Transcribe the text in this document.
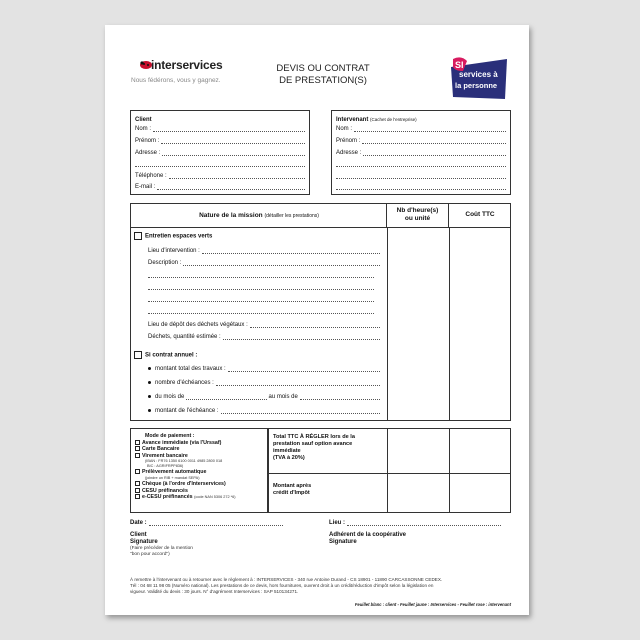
interservices
Nous fédérons, vous y gagnez.
DEVIS OU CONTRAT
DE PRESTATION(S)
SI
services à
la personne
Client
Nom :
Prénom :
Adresse :
Téléphone :
E-mail :
Intervenant (Cachet de l'entreprise)
Nom :
Prénom :
Adresse :
Nature de la mission (détailler les prestations)
Nb d'heure(s)
ou unité
Coût TTC
Entretien espaces verts
Lieu d'intervention :
Description :
Lieu de dépôt des déchets végétaux :
Déchets, quantité estimée :
Si contrat annuel :
montant total des travaux :
nombre d'échéances :
du mois de	au mois de
montant de l'échéance :
Mode de paiement :
Avance immédiate (via l'Urssaf)
Carte Bancaire
Virement bancaire
(IBAN : FR76 1350 6100 0011 4985 2800 018
BIC : AGRIFRPP836)
Prélèvement automatique
(joindre un RIB + mandat SEPA)
Chèque (à l'ordre d'Interservices)
CESU préfinancés
e-CESU préfinancés (code NAN 5306 272 *6)
Total TTC À RÉGLER lors de la
prestation sauf option avance
immédiate
(TVA à 20%)
Montant après
crédit d'Impôt
Date :	Lieu :
Client
Signature
(Faire précéder de la mention
"bon pour accord")
Adhérent de la coopérative
Signature
À remettre à l'intervenant ou à retourner avec le règlement à : INTERSERVICES - 340 rue Antoine Durand - CS 18901 - 11890 CARCASSONNE CEDEX.
Tél : 04 68 11 98 05 (Numéro national). Les prestations de ce devis, hors fournitures, ouvrent droit à un crédit/réduction d'impôt selon la législation en
vigueur. Validité du devis : 30 jours. N° d'agrément Interservices : SAP 510134271.
Feuillet blanc : client - Feuillet jaune : Interservices - Feuillet rose : intervenant
